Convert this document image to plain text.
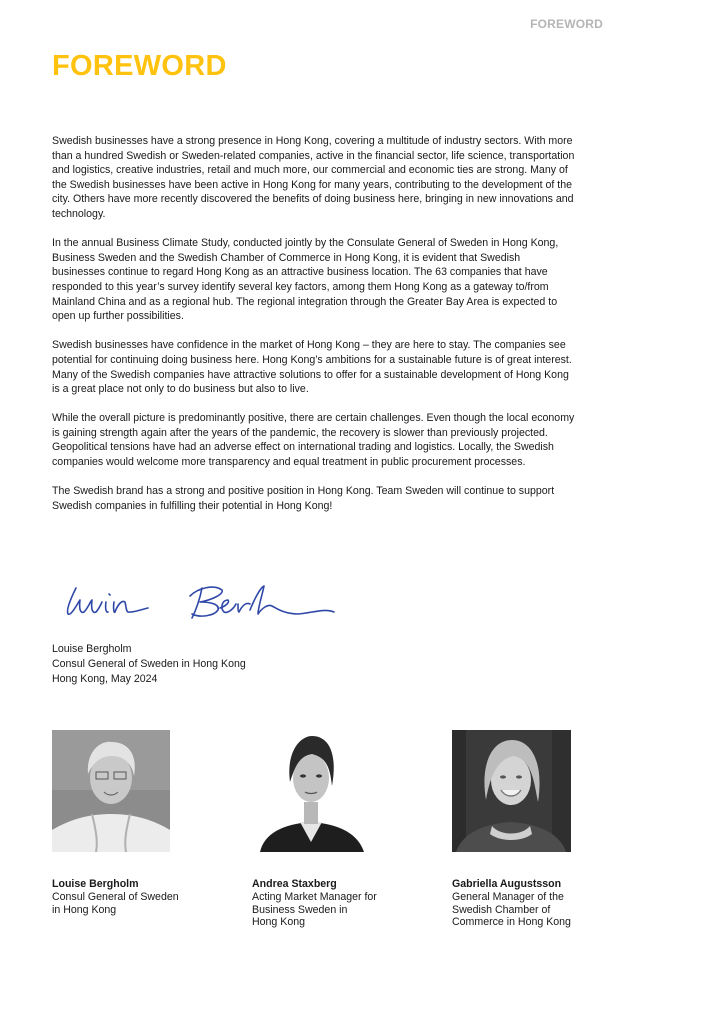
FOREWORD
FOREWORD

Swedish businesses have a strong presence in Hong Kong, covering a multitude of industry sectors. With more than a hundred Swedish or Sweden-related companies, active in the financial sector, life science, transportation and logistics, creative industries, retail and much more, our commercial and economic ties are strong. Many of the Swedish businesses have been active in Hong Kong for many years, contributing to the development of the city. Others have more recently discovered the benefits of doing business here, bringing in new innovations and technology.

In the annual Business Climate Study, conducted jointly by the Consulate General of Sweden in Hong Kong, Business Sweden and the Swedish Chamber of Commerce in Hong Kong, it is evident that Swedish businesses continue to regard Hong Kong as an attractive business location. The 63 companies that have responded to this year’s survey identify several key factors, among them Hong Kong as a gateway to/from Mainland China and as a regional hub. The regional integration through the Greater Bay Area is expected to open up further possibilities.

Swedish businesses have confidence in the market of Hong Kong – they are here to stay. The companies see potential for continuing doing business here. Hong Kong’s ambitions for a sustainable future is of great interest. Many of the Swedish companies have attractive solutions to offer for a sustainable development of Hong Kong is a great place not only to do business but also to live.

While the overall picture is predominantly positive, there are certain challenges. Even though the local economy is gaining strength again after the years of the pandemic, the recovery is slower than previously projected. Geopolitical tensions have had an adverse effect on international trading and logistics. Locally, the Swedish companies would welcome more transparency and equal treatment in public procurement processes.

The Swedish brand has a strong and positive position in Hong Kong. Team Sweden will continue to support Swedish companies in fulfilling their potential in Hong Kong!

Louise Bergholm
Consul General of Sweden in Hong Kong
Hong Kong, May 2024
Louise Bergholm
Consul General of Sweden
in Hong Kong
Andrea Staxberg
Acting Market Manager for
Business Sweden in
Hong Kong
Gabriella Augustsson
General Manager of the
Swedish Chamber of
Commerce in Hong Kong
